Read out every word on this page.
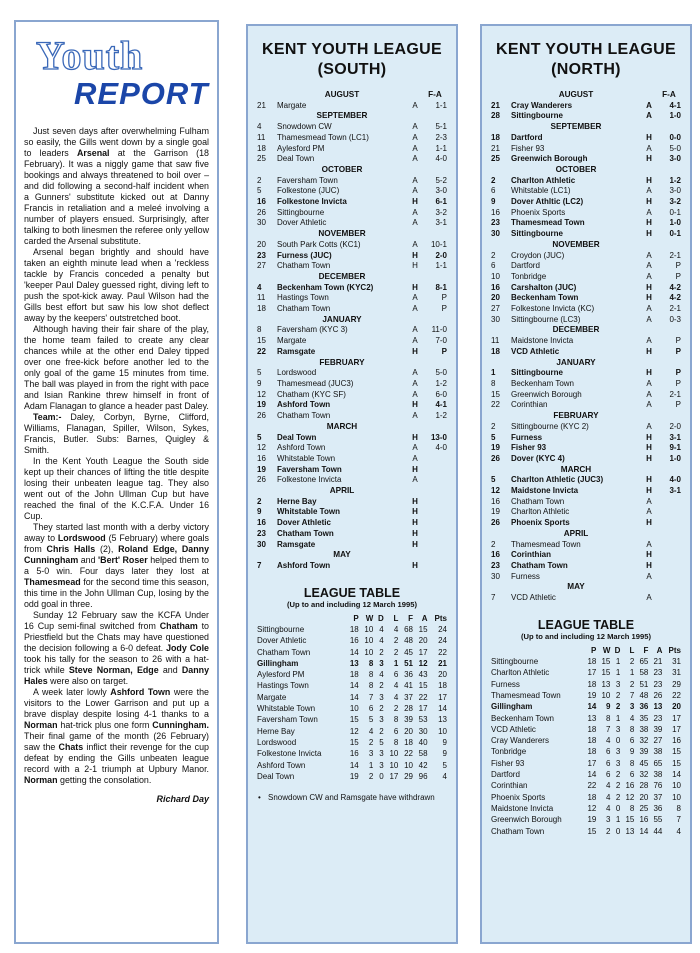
Youth
REPORT

Just seven days after overwhelming Fulham so easily, the Gills went down by a single goal to leaders Arsenal at the Garrison (18 February). It was a niggly game that saw five bookings and always threatened to boil over – and did following a second-half incident when a Gunners' substitute kicked out at Danny Francis in retaliation and a meleé involving a number of players ensued. Surprisingly, after talking to both linesmen the referee only yellow carded the Arsenal substitute.

Arsenal began brightly and should have taken an eighth minute lead when a 'reckless tackle by Francis conceded a penalty but 'keeper Paul Daley guessed right, diving left to push the spot-kick away. Paul Wilson had the Gills best effort but saw his low shot deflect away by the keepers' outstretched boot.

Although having their fair share of the play, the home team failed to create any clear chances while at the other end Daley tipped over one free-kick before another led to the only goal of the game 15 minutes from time. The ball was played in from the right with pace and Isian Rankine threw himself in front of Adam Flanagan to glance a header past Daley.

Team:- Daley, Corbyn, Byrne, Clifford, Williams, Flanagan, Spiller, Wilson, Sykes, Francis, Butler. Subs: Barnes, Quigley & Smith.

In the Kent Youth League the South side kept up their chances of lifting the title despite losing their unbeaten league tag. They also went out of the John Ullman Cup but have reached the final of the K.C.F.A. Under 16 Cup.

They started last month with a derby victory away to Lordswood (5 February) where goals from Chris Halls (2), Roland Edge, Danny Cunningham and 'Bert' Roser helped them to a 5-0 win. Four days later they lost at Thamesmead for the second time this season, this time in the John Ullman Cup, losing by the odd goal in three.

Sunday 12 February saw the KCFA Under 16 Cup semi-final switched from Chatham to Priestfield but the Chats may have questioned the decision following a 6-0 defeat. Jody Cole took his tally for the season to 26 with a hat-trick while Steve Norman, Edge and Danny Hales were also on target.

A week later lowly Ashford Town were the visitors to the Lower Garrison and put up a brave display despite losing 4-1 thanks to a Norman hat-trick plus one form Cunningham. Their final game of the month (26 February) saw the Chats inflict their revenge for the cup defeat by ending the Gills unbeaten league record with a 2-1 triumph at Upbury Manor. Norman getting the consolation.

Richard Day
KENT YOUTH LEAGUE
(SOUTH)
	AUGUST		F-A
21	Margate	A	1-1
	SEPTEMBER		
4	Snowdown CW	A	5-1
11	Thamesmead Town (LC1)	A	2-3
18	Aylesford PM	A	1-1
25	Deal Town	A	4-0
	OCTOBER		
2	Faversham Town	A	5-2
5	Folkestone (JUC)	A	3-0
16	Folkestone Invicta	H	6-1
26	Sittingbourne	A	3-2
30	Dover Athletic	A	3-1
	NOVEMBER		
20	South Park Cotts (KC1)	A	10-1
23	Furness (JUC)	H	2-0
27	Chatham Town	H	1-1
	DECEMBER		
4	Beckenham Town (KYC2)	H	8-1
11	Hastings Town	A	P
18	Chatham Town	A	P
	JANUARY		
8	Faversham (KYC 3)	A	11-0
15	Margate	A	7-0
22	Ramsgate	H	P
	FEBRUARY		
5	Lordswood	A	5-0
9	Thamesmead (JUC3)	A	1-2
12	Chatham (KYC SF)	A	6-0
19	Ashford Town	H	4-1
26	Chatham Town	A	1-2
	MARCH		
5	Deal Town	H	13-0
12	Ashford Town	A	4-0
16	Whitstable Town	A	
19	Faversham Town	H	
26	Folkestone Invicta	A	
	APRIL		
2	Herne Bay	H	
9	Whitstable Town	H	
16	Dover Athletic	H	
23	Chatham Town	H	
30	Ramsgate	H	
	MAY		
7	Ashford Town	H	
LEAGUE TABLE
(Up to and including 12 March 1995)
	P	W	D	L	F	A	Pts
Sittingbourne	18	10	4	4	68	15	24
Dover Athletic	16	10	4	2	48	20	24
Chatham Town	14	10	2	2	45	17	22
Gillingham	13	8	3	1	51	12	21
Aylesford PM	18	8	4	6	36	43	20
Hastings Town	14	8	2	4	41	15	18
Margate	14	7	3	4	37	22	17
Whitstable Town	10	6	2	2	28	17	14
Faversham Town	15	5	3	8	39	53	13
Herne Bay	12	4	2	6	20	30	10
Lordswood	15	2	5	8	18	40	9
Folkestone Invicta	16	3	3	10	22	58	9
Ashford Town	14	1	3	10	10	42	5
Deal Town	19	2	0	17	29	96	4
• Snowdown CW and Ramsgate have withdrawn
KENT YOUTH LEAGUE
(NORTH)
	AUGUST		F-A
21	Cray Wanderers	A	4-1
28	Sittingbourne	A	1-0
	SEPTEMBER		
18	Dartford	H	0-0
21	Fisher 93	A	5-0
25	Greenwich Borough	H	3-0
	OCTOBER		
2	Charlton Athletic	H	1-2
6	Whitstable (LC1)	A	3-0
9	Dover Athltic (LC2)	H	3-2
16	Phoenix Sports	A	0-1
23	Thamesmead Town	H	1-0
30	Sittingbourne	H	0-1
	NOVEMBER		
2	Croydon (JUC)	A	2-1
6	Dartford	A	P
10	Tonbridge	A	P
16	Carshalton (JUC)	H	4-2
20	Beckenham Town	H	4-2
27	Folkestone Invicta (KC)	A	2-1
30	Sittingbourne (LC3)	A	0-3
	DECEMBER		
11	Maidstone Invicta	A	P
18	VCD Athletic	H	P
	JANUARY		
1	Sittingbourne	H	P
8	Beckenham Town	A	P
15	Greenwich Borough	A	2-1
22	Corinthian	A	P
	FEBRUARY		
2	Sittingbourne (KYC 2)	A	2-0
5	Furness	H	3-1
19	Fisher 93	H	9-1
26	Dover (KYC 4)	H	1-0
	MARCH		
5	Charlton Athletic (JUC3)	H	4-0
12	Maidstone Invicta	H	3-1
16	Chatham Town	A	
19	Charlton Athletic	A	
26	Phoenix Sports	H	
	APRIL		
2	Thamesmead Town	A	
16	Corinthian	H	
23	Chatham Town	H	
30	Furness	A	
	MAY		
7	VCD Athletic	A	
LEAGUE TABLE
(Up to and including 12 March 1995)
	P	W	D	L	F	A	Pts
Sittingbourne	18	15	1	2	65	21	31
Charlton Athletic	17	15	1	1	58	23	31
Furness	18	13	3	2	51	23	29
Thamesmead Town	19	10	2	7	48	26	22
Gillingham	14	9	2	3	36	13	20
Beckenham Town	13	8	1	4	35	23	17
VCD Athletic	18	7	3	8	38	39	17
Cray Wanderers	18	4	0	6	32	27	16
Tonbridge	18	6	3	9	39	38	15
Fisher 93	17	6	3	8	45	65	15
Dartford	14	6	2	6	32	38	14
Corinthian	22	4	2	16	28	76	10
Phoenix Sports	18	4	2	12	20	37	10
Maidstone Invicta	12	4	0	8	25	36	8
Greenwich Borough	19	3	1	15	16	55	7
Chatham Town	15	2	0	13	14	44	4
